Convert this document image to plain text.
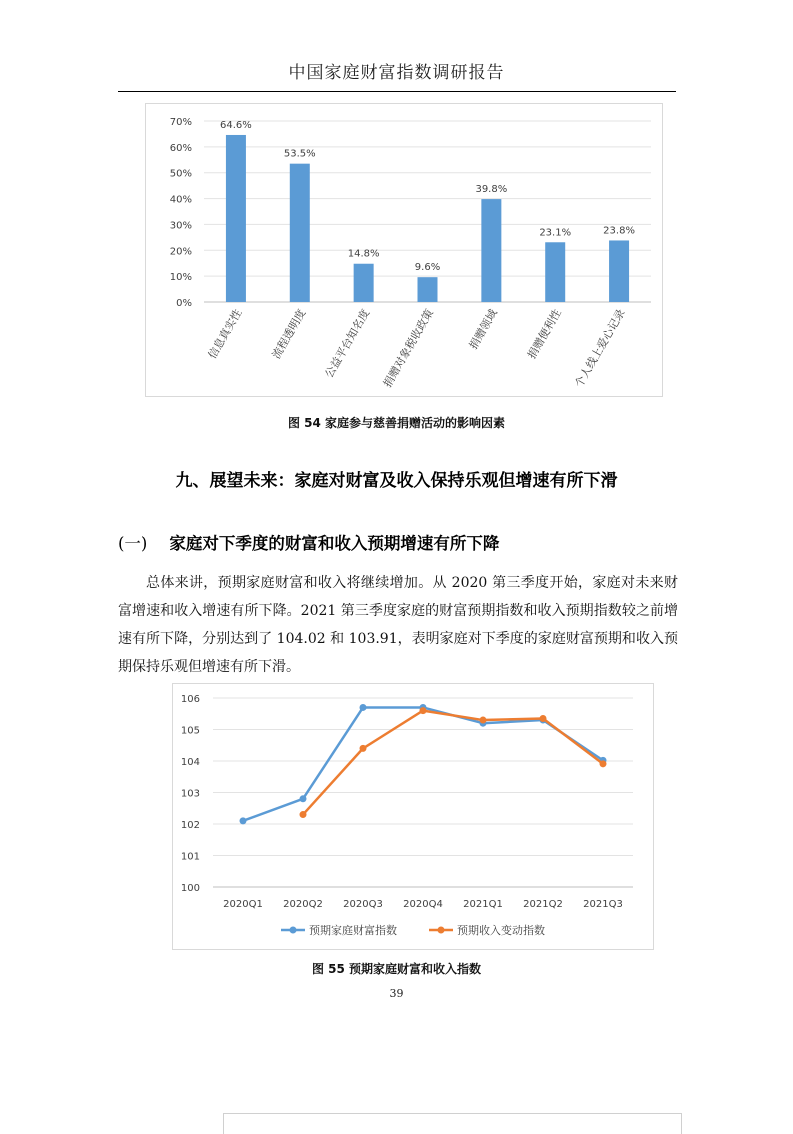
中国家庭财富指数调研报告
0%
10%
20%
30%
40%
50%
60%
70%	64.6%
信息真实性
53.5%
流程透明度
14.8%
公益平台知名度
9.6%
捐赠对象税收政策
39.8%
捐赠领域
23.1%
捐赠便利性
23.8%
个人线上爱心记录
图 54 家庭参与慈善捐赠活动的影响因素
九、展望未来：家庭对财富及收入保持乐观但增速有所下滑
(一) 家庭对下季度的财富和收入预期增速有所下降
总体来讲，预期家庭财富和收入将继续增加。从 2020 第三季度开始，家庭对未来财富增速和收入增速有所下降。2021 第三季度家庭的财富预期指数和收入预期指数较之前增速有所下降，分别达到了 104.02 和 103.91，表明家庭对下季度的家庭财富预期和收入预期保持乐观但增速有所下滑。
100
101
102
103
104
105
106
2020Q1 2020Q2 2020Q3 2020Q4 2021Q1 2021Q2 2021Q3
预期家庭财富指数	预期收入变动指数
图 55 预期家庭财富和收入指数
39
